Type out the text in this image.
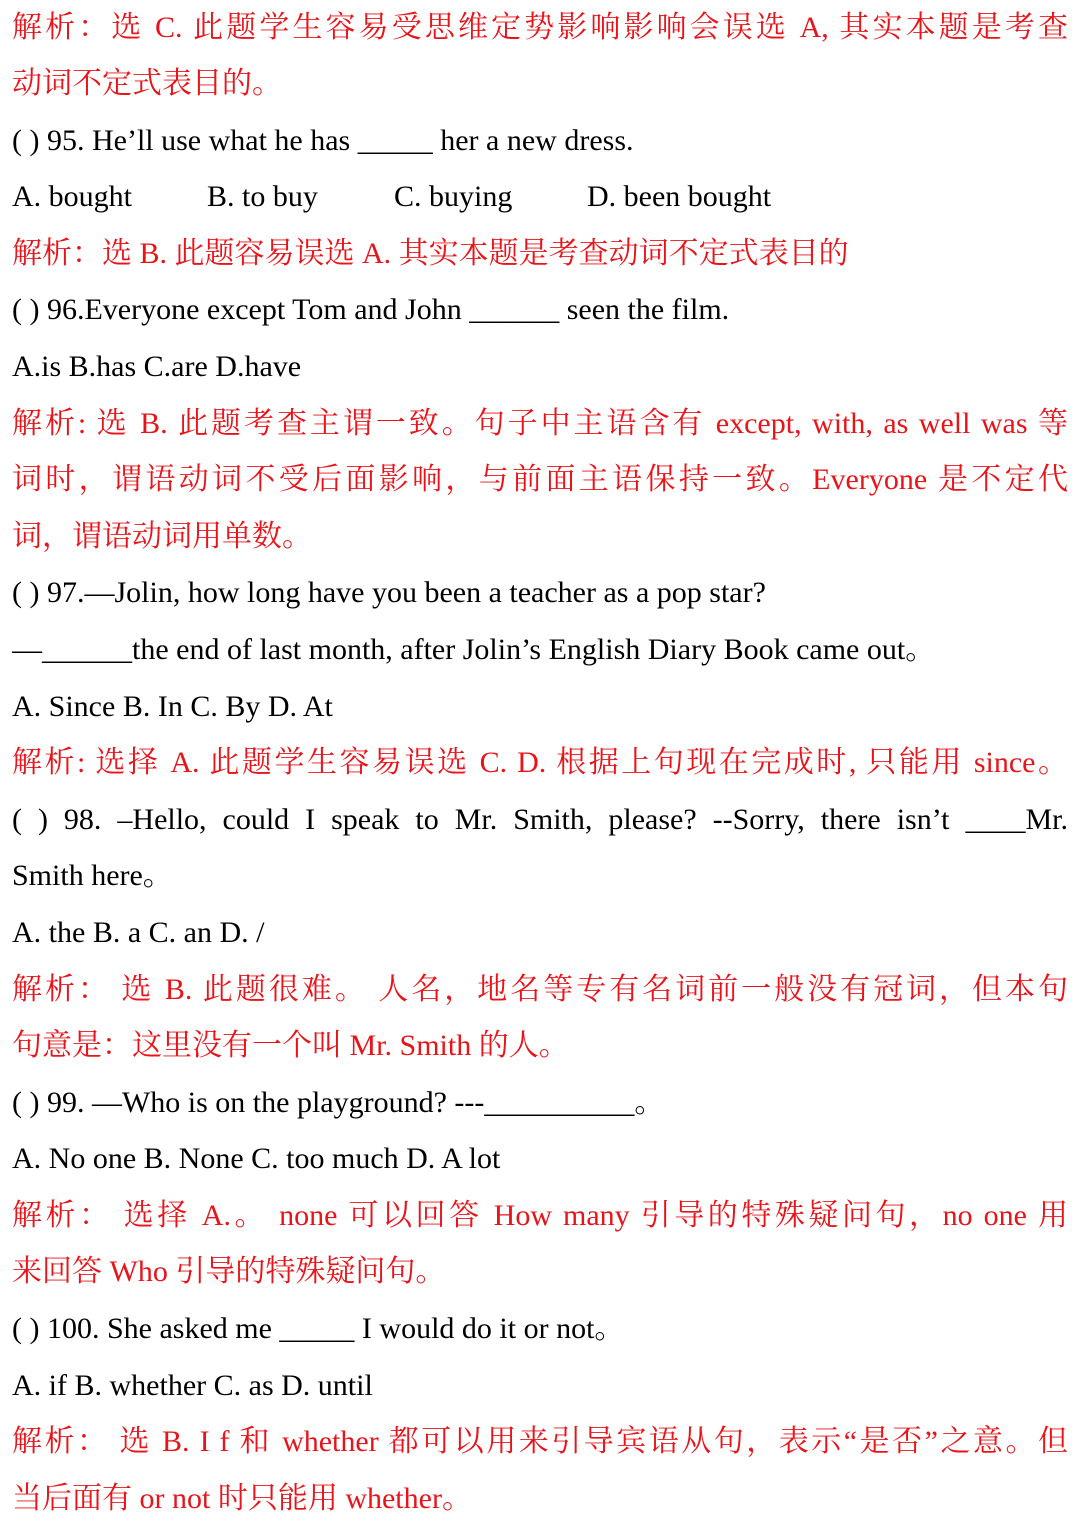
解析：选 C. 此题学生容易受思维定势影响影响会误选 A, 其实本题是考查
动词不定式表目的。
( ) 95. He’ll use what he has _____ her a new dress.
A. bought	B. to buy	C. buying D. been bought
解析：选 B. 此题容易误选 A. 其实本题是考查动词不定式表目的
( ) 96.Everyone except Tom and John ______ seen the film.
A.is B.has C.are D.have
解析: 选 B. 此题考查主谓一致。句子中主语含有 except, with, as well was 等
词时，谓语动词不受后面影响，与前面主语保持一致。Everyone 是不定代
词，谓语动词用单数。
( ) 97.—Jolin, how long have you been a teacher as a pop star?
—______the end of last month, after Jolin’s English Diary Book came out。
A. Since B. In C. By D. At
解析: 选择 A. 此题学生容易误选 C. D. 根据上句现在完成时, 只能用 since。
( ) 98. –Hello, could I speak to Mr. Smith, please? --Sorry, there isn’t ____Mr.
Smith here。
A. the B. a C. an D. /
解析： 选 B. 此题很难。 人名，地名等专有名词前一般没有冠词，但本句
句意是：这里没有一个叫 Mr. Smith 的人。
( ) 99. —Who is on the playground? ---__________。
A. No one B. None C. too much D. A lot
解析： 选择 A.。 none 可以回答 How many 引导的特殊疑问句，no one 用
来回答 Who 引导的特殊疑问句。
( ) 100. She asked me _____ I would do it or not。
A. if B. whether C. as D. until
解析： 选 B. I f 和 whether 都可以用来引导宾语从句，表示“是否”之意。但
当后面有 or not 时只能用 whether。
